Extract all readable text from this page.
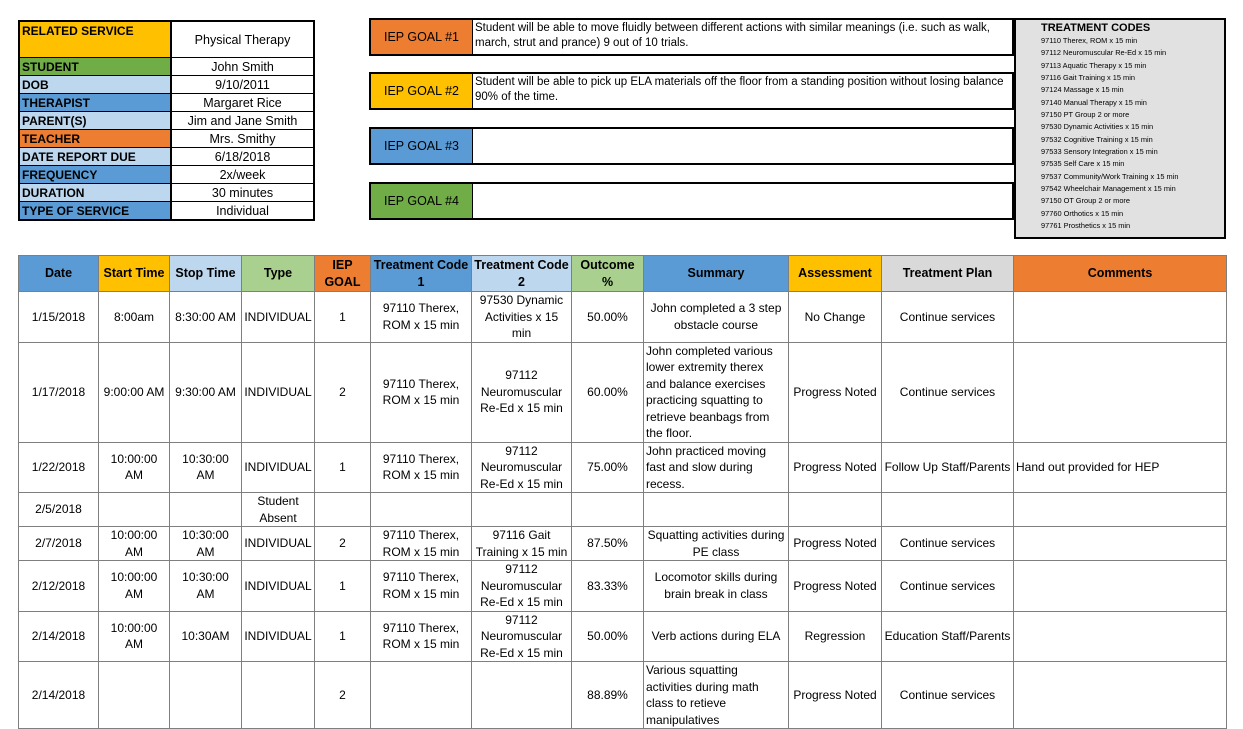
RELATED SERVICE
Physical Therapy
STUDENT	John Smith
DOB	9/10/2011
THERAPIST	Margaret Rice
PARENT(S)	Jim and Jane Smith
TEACHER	Mrs. Smithy
DATE REPORT DUE	6/18/2018
FREQUENCY	2x/week
DURATION	30 minutes
TYPE OF SERVICE	Individual
IEP GOAL #1
Student will be able to move fluidly between different actions with similar meanings (i.e. such as walk, march, strut and prance) 9 out of 10 trials.
IEP GOAL #2
Student will be able to pick up ELA materials off the floor from a standing position without losing balance 90% of the time.
IEP GOAL #3
IEP GOAL #4
TREATMENT CODES
97110 Therex, ROM x 15 min
97112 Neuromuscular Re-Ed x 15 min
97113 Aquatic Therapy x 15 min
97116 Gait Training x 15 min
97124 Massage x 15 min
97140 Manual Therapy x 15 min
97150 PT Group 2 or more
97530 Dynamic Activities x 15 min
97532 Cognitive Training x 15 min
97533 Sensory Integration x 15 min
97535 Self Care x 15 min
97537 Community/Work Training x 15 min
97542 Wheelchair Management x 15 min
97150 OT Group 2 or more
97760 Orthotics x 15 min
97761 Prosthetics x 15 min
Date	Start Time	Stop Time	Type	IEP GOAL	Treatment Code 1	Treatment Code 2	Outcome %	Summary	Assessment	Treatment Plan	Comments
1/15/2018	8:00am	8:30:00 AM	INDIVIDUAL	1	97110 Therex, ROM x 15 min	97530 Dynamic Activities x 15 min	50.00%	John completed a 3 step obstacle course	No Change	Continue services	
1/17/2018	9:00:00 AM	9:30:00 AM	INDIVIDUAL	2	97110 Therex, ROM x 15 min	97112 Neuromuscular Re-Ed x 15 min	60.00%	John completed various lower extremity therex and balance exercises practicing squatting to retrieve beanbags from the floor.	Progress Noted	Continue services	
1/22/2018	10:00:00 AM	10:30:00 AM	INDIVIDUAL	1	97110 Therex, ROM x 15 min	97112 Neuromuscular Re-Ed x 15 min	75.00%	John practiced moving fast and slow during recess.	Progress Noted	Follow Up Staff/Parents	Hand out provided for HEP
2/5/2018			Student Absent								
2/7/2018	10:00:00 AM	10:30:00 AM	INDIVIDUAL	2	97110 Therex, ROM x 15 min	97116 Gait Training x 15 min	87.50%	Squatting activities during PE class	Progress Noted	Continue services	
2/12/2018	10:00:00 AM	10:30:00 AM	INDIVIDUAL	1	97110 Therex, ROM x 15 min	97112 Neuromuscular Re-Ed x 15 min	83.33%	Locomotor skills during brain break in class	Progress Noted	Continue services	
2/14/2018	10:00:00 AM	10:30AM	INDIVIDUAL	1	97110 Therex, ROM x 15 min	97112 Neuromuscular Re-Ed x 15 min	50.00%	Verb actions during ELA	Regression	Education Staff/Parents	
2/14/2018				2			88.89%	Various squatting activities during math class to retieve manipulatives	Progress Noted	Continue services	
